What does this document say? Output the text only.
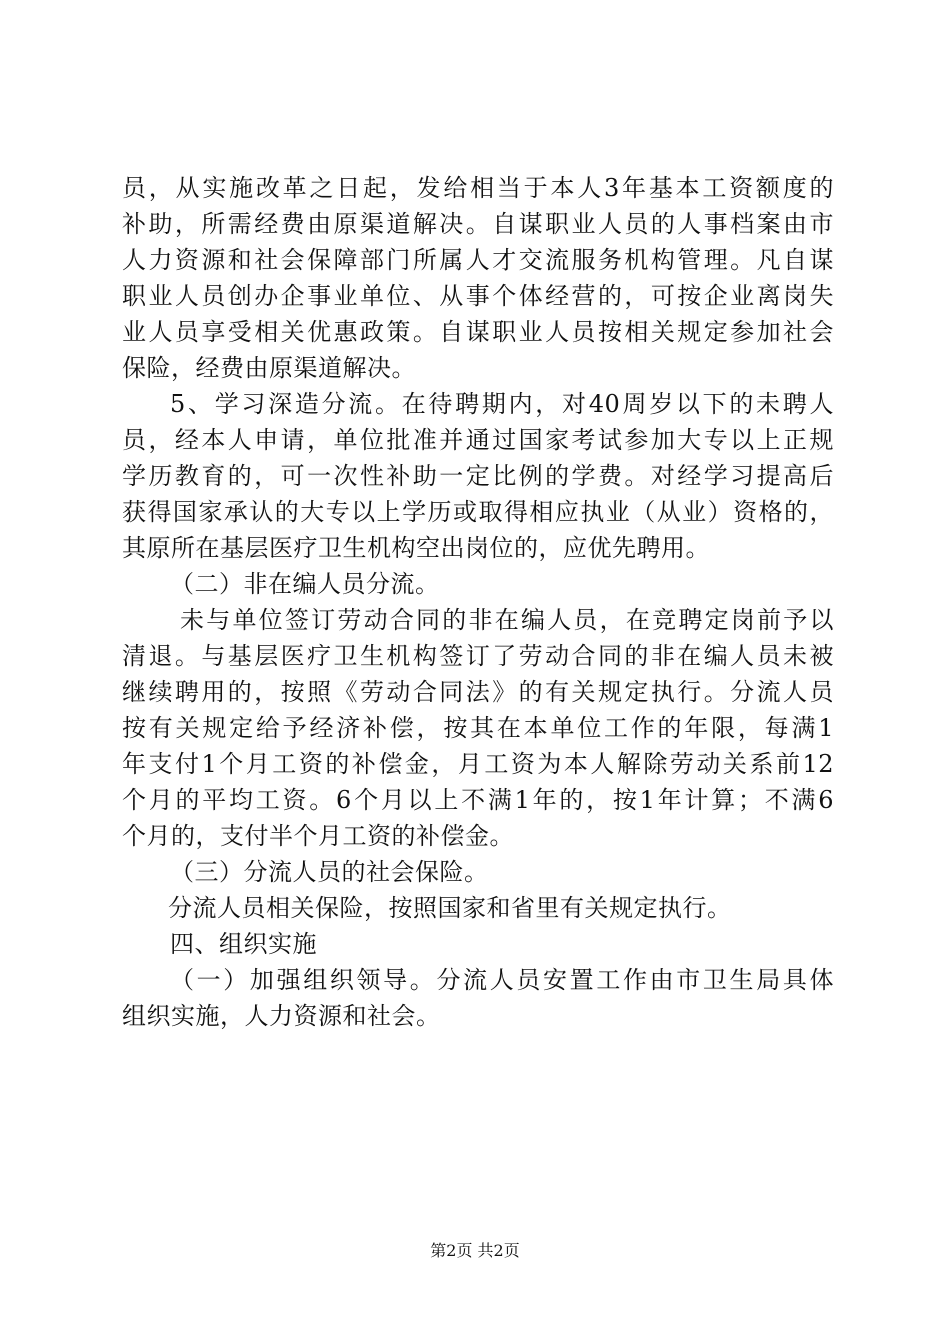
员，从实施改革之日起，发给相当于本人3年基本工资额度的
补助，所需经费由原渠道解决。自谋职业人员的人事档案由市
人力资源和社会保障部门所属人才交流服务机构管理。凡自谋
职业人员创办企事业单位、从事个体经营的，可按企业离岗失
业人员享受相关优惠政策。自谋职业人员按相关规定参加社会
保险，经费由原渠道解决。
5、学习深造分流。在待聘期内，对40周岁以下的未聘人
员，经本人申请，单位批准并通过国家考试参加大专以上正规
学历教育的，可一次性补助一定比例的学费。对经学习提高后
获得国家承认的大专以上学历或取得相应执业（从业）资格的，
其原所在基层医疗卫生机构空出岗位的，应优先聘用。
（二）非在编人员分流。
未与单位签订劳动合同的非在编人员，在竞聘定岗前予以
清退。与基层医疗卫生机构签订了劳动合同的非在编人员未被
继续聘用的，按照《劳动合同法》的有关规定执行。分流人员
按有关规定给予经济补偿，按其在本单位工作的年限，每满1
年支付1个月工资的补偿金，月工资为本人解除劳动关系前12
个月的平均工资。6个月以上不满1年的，按1年计算；不满6
个月的，支付半个月工资的补偿金。
（三）分流人员的社会保险。
分流人员相关保险，按照国家和省里有关规定执行。
四、组织实施
（一）加强组织领导。分流人员安置工作由市卫生局具体
组织实施，人力资源和社会。
第2页 共2页
